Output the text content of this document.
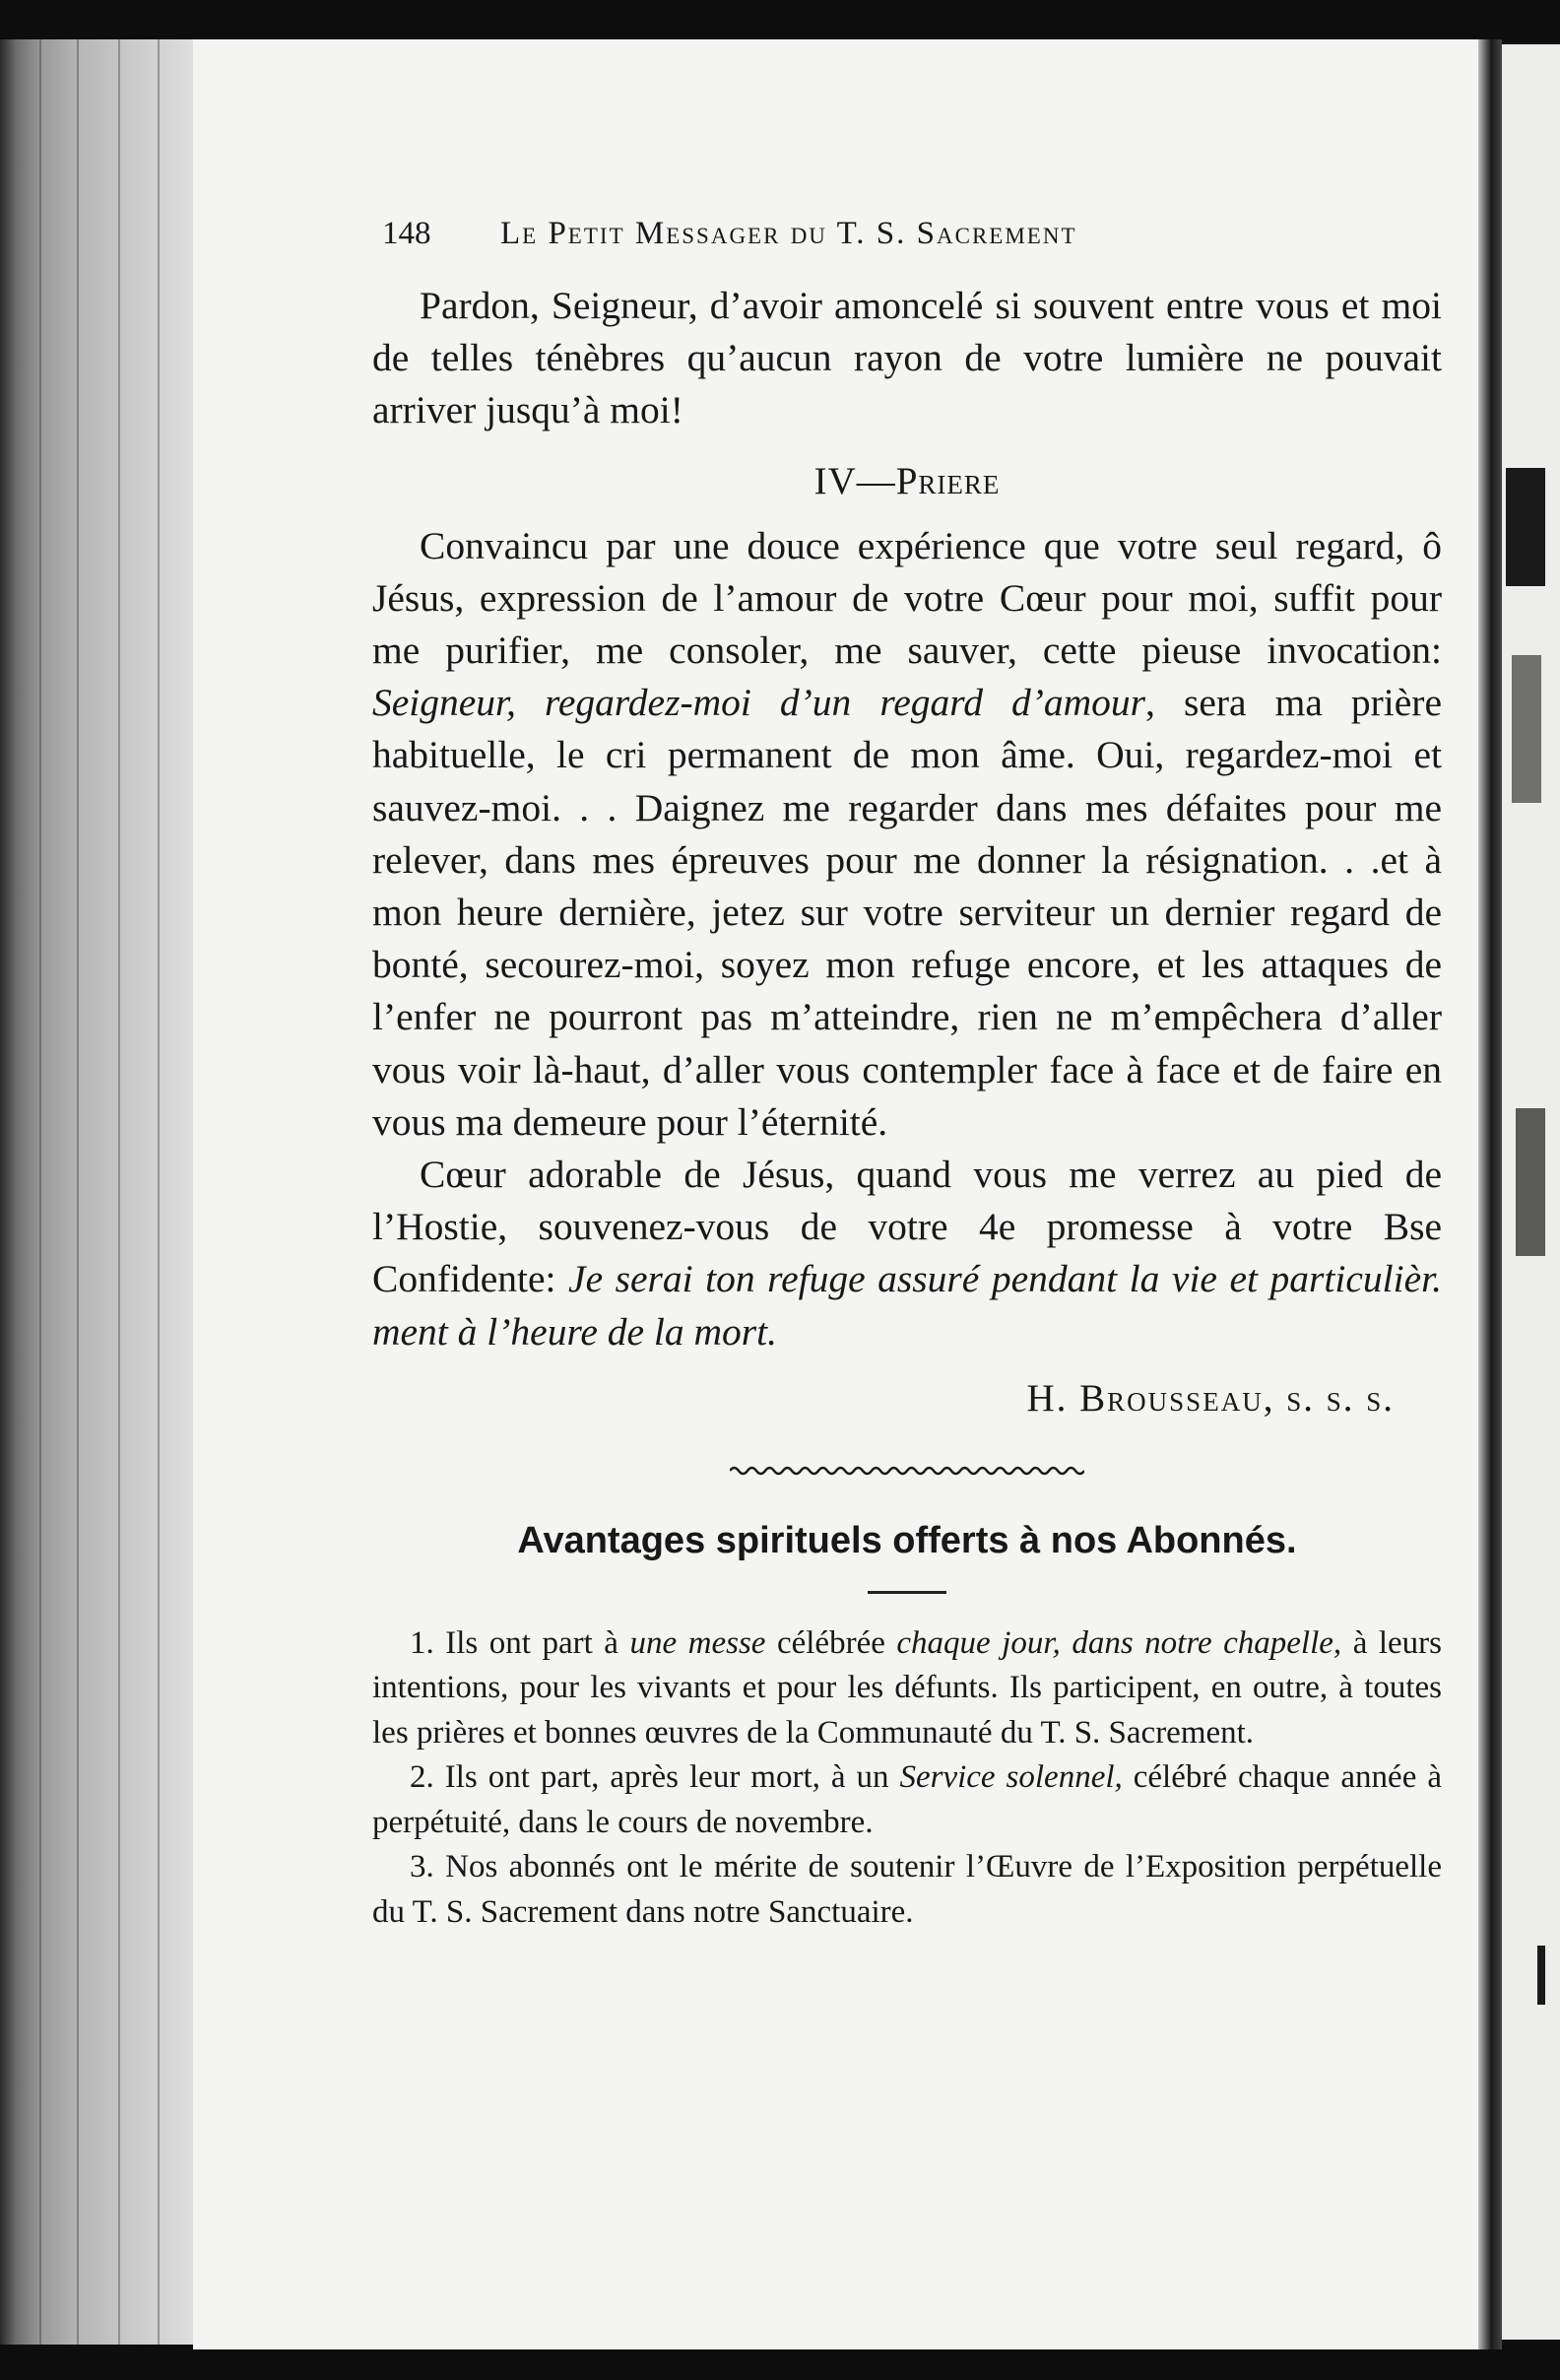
148	Le Petit Messager du T. S. Sacrement

Pardon, Seigneur, d’avoir amoncelé si souvent entre vous et moi de telles ténèbres qu’aucun rayon de votre lumière ne pouvait arriver jusqu’à moi!

IV—Priere

Convaincu par une douce expérience que votre seul regard, ô Jésus, expression de l’amour de votre Cœur pour moi, suffit pour me purifier, me consoler, me sauver, cette pieuse invocation: Seigneur, regardez-moi d’un regard d’amour, sera ma prière habituelle, le cri permanent de mon âme. Oui, regardez-moi et sauvez-moi. . . Daignez me regarder dans mes défaites pour me relever, dans mes épreuves pour me donner la résignation. . .et à mon heure dernière, jetez sur votre serviteur un dernier regard de bonté, secourez-moi, soyez mon refuge encore, et les attaques de l’enfer ne pourront pas m’atteindre, rien ne m’empêchera d’aller vous voir là-haut, d’aller vous contempler face à face et de faire en vous ma demeure pour l’éternité.

Cœur adorable de Jésus, quand vous me verrez au pied de l’Hostie, souvenez-vous de votre 4e promesse à votre Bse Confidente: Je serai ton refuge assuré pendant la vie et particulièr. ment à l’heure de la mort.

H. Brousseau, s. s. s.
Avantages spirituels offerts à nos Abonnés.

1. Ils ont part à une messe célébrée chaque jour, dans notre chapelle, à leurs intentions, pour les vivants et pour les défunts. Ils participent, en outre, à toutes les prières et bonnes œuvres de la Communauté du T. S. Sacrement.

2. Ils ont part, après leur mort, à un Service solennel, célébré chaque année à perpétuité, dans le cours de novembre.

3. Nos abonnés ont le mérite de soutenir l’Œuvre de l’Exposition perpétuelle du T. S. Sacrement dans notre Sanctuaire.
